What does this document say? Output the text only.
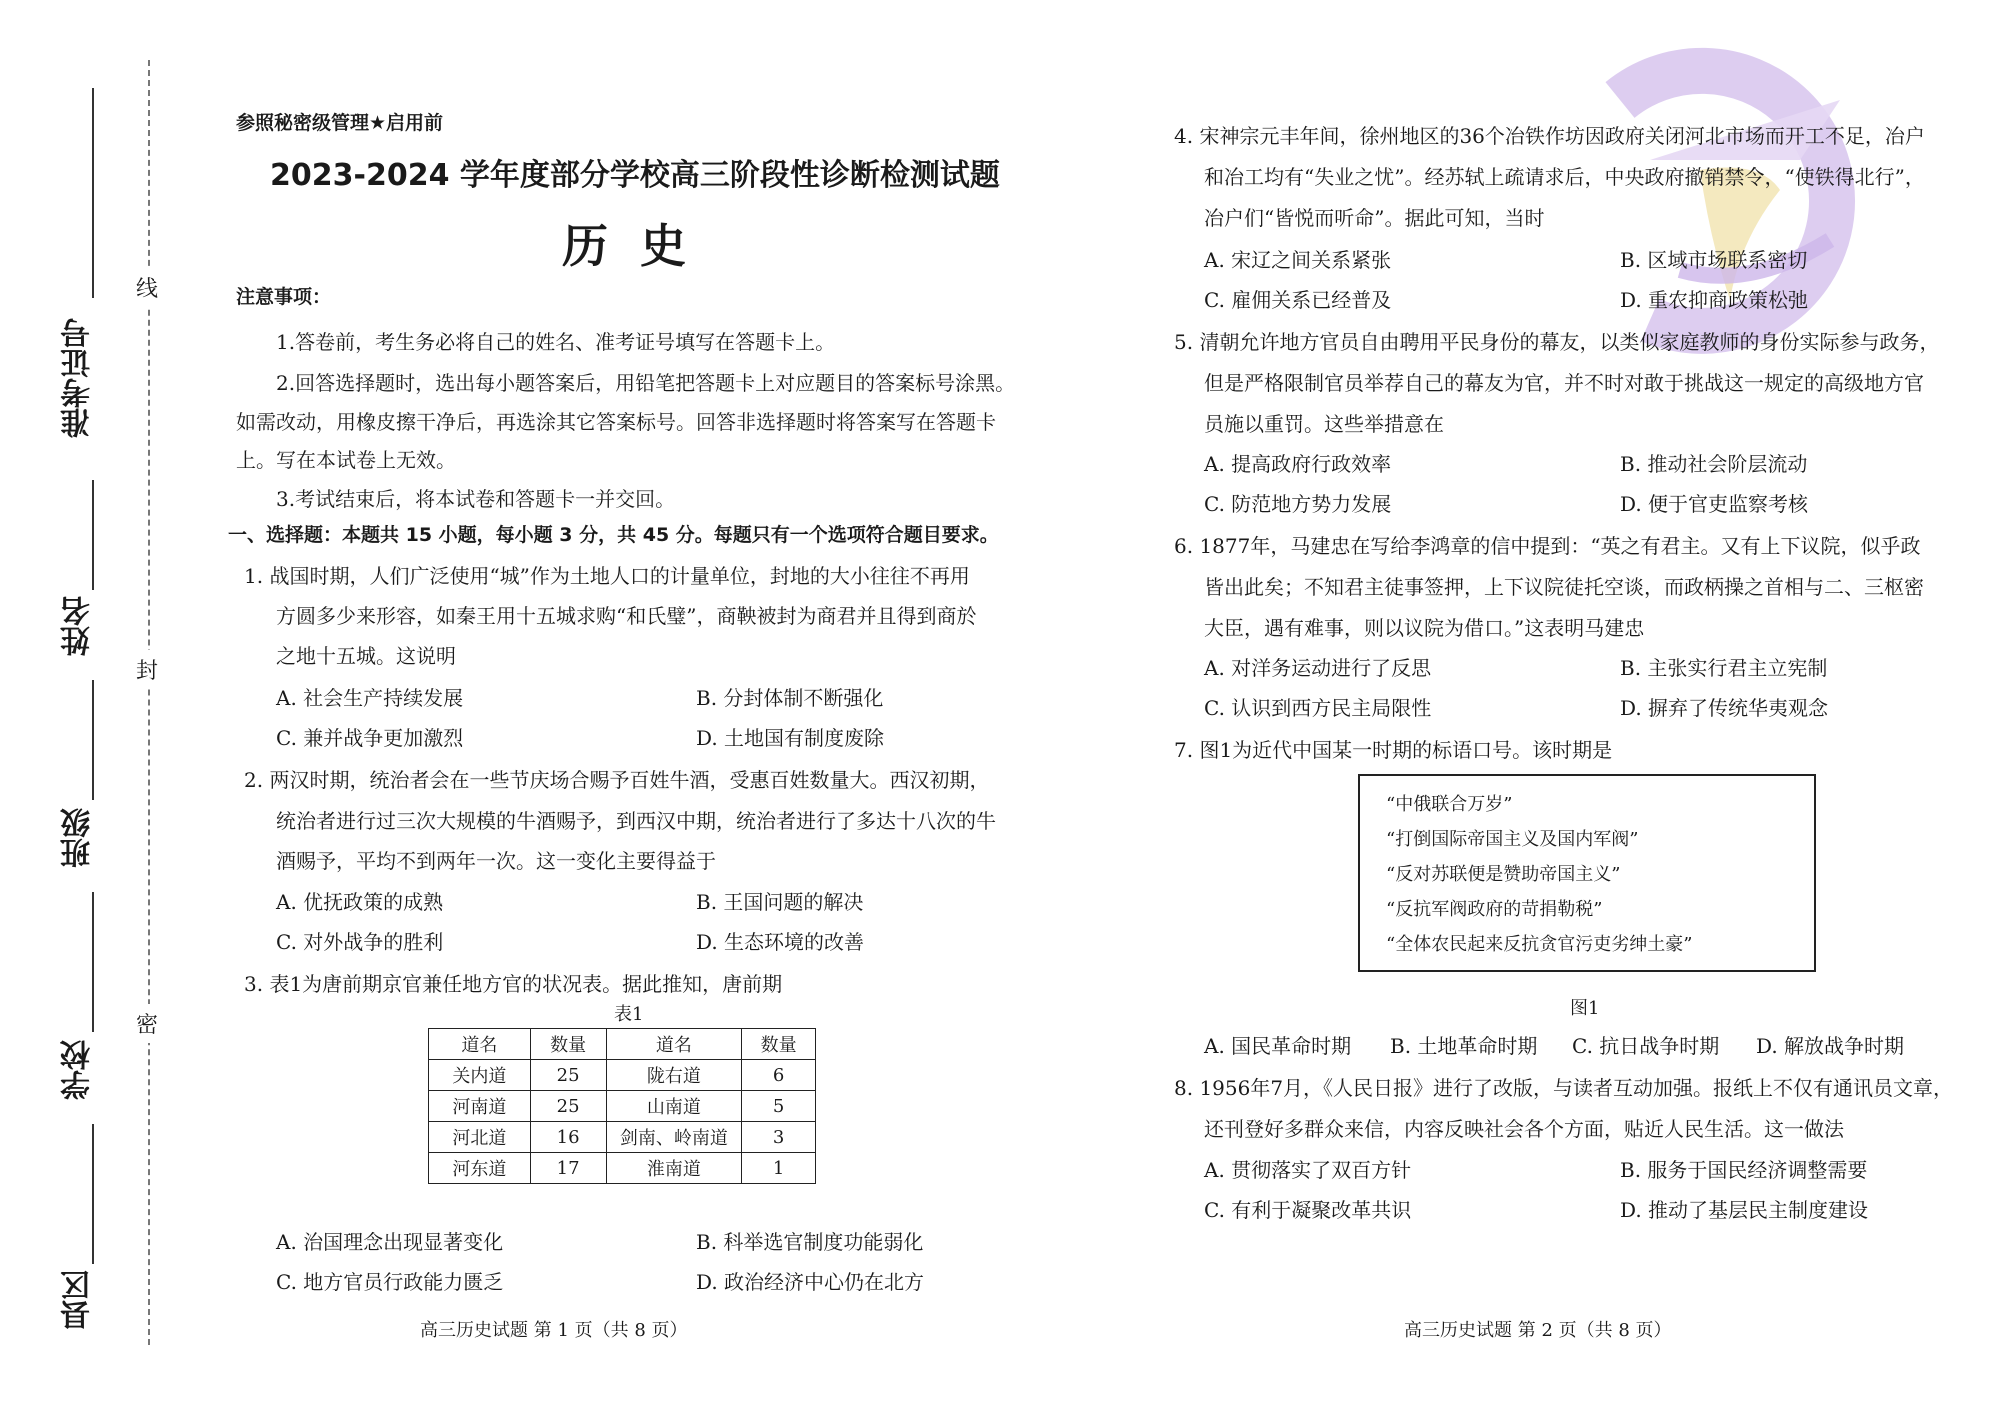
准考证号
姓名
班级
学校
县区
线
封
密
参照秘密级管理★启用前
2023-2024 学年度部分学校高三阶段性诊断检测试题
历 史
注意事项：
1.答卷前，考生务必将自己的姓名、准考证号填写在答题卡上。
2.回答选择题时，选出每小题答案后，用铅笔把答题卡上对应题目的答案标号涂黑。
如需改动，用橡皮擦干净后，再选涂其它答案标号。回答非选择题时将答案写在答题卡
上。写在本试卷上无效。
3.考试结束后，将本试卷和答题卡一并交回。
一、选择题：本题共 15 小题，每小题 3 分，共 45 分。每题只有一个选项符合题目要求。
1. 战国时期，人们广泛使用“城”作为土地人口的计量单位，封地的大小往往不再用
方圆多少来形容，如秦王用十五城求购“和氏璧”，商鞅被封为商君并且得到商於
之地十五城。这说明
A. 社会生产持续发展	B. 分封体制不断强化
C. 兼并战争更加激烈	D. 土地国有制度废除
2. 两汉时期，统治者会在一些节庆场合赐予百姓牛酒，受惠百姓数量大。西汉初期，
统治者进行过三次大规模的牛酒赐予，到西汉中期，统治者进行了多达十八次的牛
酒赐予，平均不到两年一次。这一变化主要得益于
A. 优抚政策的成熟	B. 王国问题的解决
C. 对外战争的胜利	D. 生态环境的改善
3. 表1为唐前期京官兼任地方官的状况表。据此推知，唐前期
表1
道名	数量	道名	数量
关内道	25	陇右道	6
河南道	25	山南道	5
河北道	16	剑南、岭南道	3
河东道	17	淮南道	1
A. 治国理念出现显著变化	B. 科举选官制度功能弱化
C. 地方官员行政能力匮乏	D. 政治经济中心仍在北方
高三历史试题 第 1 页（共 8 页）
4. 宋神宗元丰年间，徐州地区的36个冶铁作坊因政府关闭河北市场而开工不足，冶户
和冶工均有“失业之忧”。经苏轼上疏请求后，中央政府撤销禁令，“使铁得北行”，
冶户们“皆悦而听命”。据此可知，当时
A. 宋辽之间关系紧张	B. 区域市场联系密切
C. 雇佣关系已经普及	D. 重农抑商政策松弛
5. 清朝允许地方官员自由聘用平民身份的幕友，以类似家庭教师的身份实际参与政务，
但是严格限制官员举荐自己的幕友为官，并不时对敢于挑战这一规定的高级地方官
员施以重罚。这些举措意在
A. 提高政府行政效率	B. 推动社会阶层流动
C. 防范地方势力发展	D. 便于官吏监察考核
6. 1877年，马建忠在写给李鸿章的信中提到：“英之有君主。又有上下议院，似乎政
皆出此矣；不知君主徒事签押，上下议院徒托空谈，而政柄操之首相与二、三枢密
大臣，遇有难事，则以议院为借口。”这表明马建忠
A. 对洋务运动进行了反思	B. 主张实行君主立宪制
C. 认识到西方民主局限性	D. 摒弃了传统华夷观念
7. 图1为近代中国某一时期的标语口号。该时期是
“中俄联合万岁”
“打倒国际帝国主义及国内军阀”
“反对苏联便是赞助帝国主义”
“反抗军阀政府的苛捐勒税”
“全体农民起来反抗贪官污吏劣绅土豪”
图1
A. 国民革命时期 B. 土地革命时期 C. 抗日战争时期 D. 解放战争时期
8. 1956年7月，《人民日报》进行了改版，与读者互动加强。报纸上不仅有通讯员文章，
还刊登好多群众来信，内容反映社会各个方面，贴近人民生活。这一做法
A. 贯彻落实了双百方针	B. 服务于国民经济调整需要
C. 有利于凝聚改革共识	D. 推动了基层民主制度建设
高三历史试题 第 2 页（共 8 页）
